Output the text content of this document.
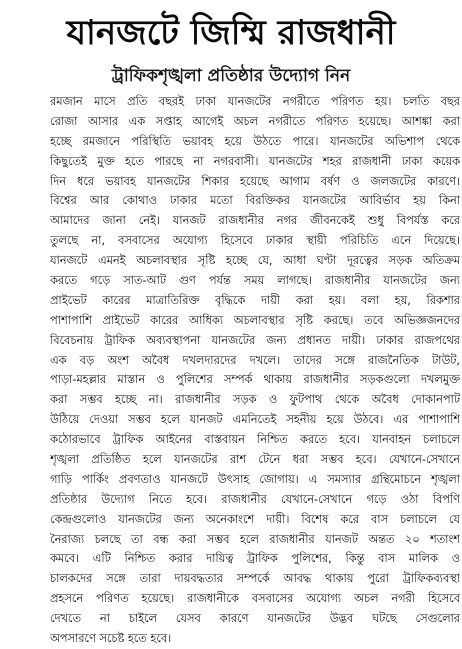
যানজটে জিম্মি রাজধানী
ট্রাফিকশৃঙ্খলা প্রতিষ্ঠার উদ্যোগ নিন
রমজান মাসে প্রতি বছরই ঢাকা যানজটের নগরীতে পরিণত হয়। চলতি বছর
রোজা আসার এক সপ্তাহ আগেই অচল নগরীতে পরিণত হয়েছে। আশঙ্কা করা
হচ্ছে রমজানে পরিস্থিতি ভয়াবহ হয়ে উঠতে পারে। যানজটের অভিশাপ থেকে
কিছুতেই মুক্ত হতে পারছে না নগরবাসী। যানজটের শহর রাজধানী ঢাকা কয়েক
দিন ধরে ভয়াবহ যানজটের শিকার হয়েছে আগাম বর্ষণ ও জলজটের কারণে।
বিশ্বের আর কোথাও ঢাকার মতো বিরক্তিকর যানজটের আবির্ভাব হয় কিনা
আমাদের জানা নেই। যানজট রাজধানীর নগর জীবনকেই শুধু বিপর্যস্ত করে
তুলছে না, বসবাসের অযোগ্য হিসেবে ঢাকার স্থায়ী পরিচিতি এনে দিয়েছে।
যানজটে এমনই অচলাবস্থার সৃষ্টি হচ্ছে যে, আধা ঘণ্টা দূরত্বের সড়ক অতিক্রম
করতে গড়ে সাত-আট গুণ পর্যন্ত সময় লাগছে। রাজধানীর যানজটের জন্য
প্রাইভেট কারের মাত্রাতিরিক্ত বৃদ্ধিকে দায়ী করা হয়। বলা হয়, রিকশার
পাশাপাশি প্রাইভেট কারের আধিক্য অচলাবস্থার সৃষ্টি করছে। তবে অভিজ্ঞজনদের
বিবেচনায় ট্রাফিক অব্যবস্থাপনা যানজটের জন্য প্রধানত দায়ী। ঢাকার রাজপথের
এক বড় অংশ অবৈধ দখলদারদের দখলে। তাদের সঙ্গে রাজনৈতিক টাউট,
পাড়া-মহল্লার মাস্তান ও পুলিশের সম্পর্ক থাকায় রাজধানীর সড়কগুলো দখলমুক্ত
করা সম্ভব হচ্ছে না। রাজধানীর সড়ক ও ফুটপাথ থেকে অবৈধ দোকানপাট
উঠিয়ে দেওয়া সম্ভব হলে যানজট এমনিতেই সহনীয় হয়ে উঠবে। এর পাশাপাশি
কঠোরভাবে ট্রাফিক আইনের বাস্তবায়ন নিশ্চিত করতে হবে। যানবাহন চলাচলে
শৃঙ্খলা প্রতিষ্ঠিত হলে যানজটের রাশ টেনে ধরা সম্ভব হবে। যেখানে-সেখানে
গাড়ি পার্কিং প্রবণতাও যানজটে উৎসাহ জোগায়। এ সমস্যার গ্রন্থিমোচনে শৃঙ্খলা
প্রতিষ্ঠার উদ্যোগ নিতে হবে। রাজধানীর যেখানে-সেখানে গড়ে ওঠা বিপণি
কেন্দ্রগুলোও যানজটের জন্য অনেকাংশে দায়ী। বিশেষ করে বাস চলাচলে যে
নৈরাজ্য চলছে তা বন্ধ করা সম্ভব হলে রাজধানীর যানজট অন্তত ২০ শতাংশ
কমবে। এটি নিশ্চিত করার দায়িত্ব ট্রাফিক পুলিশের, কিন্তু বাস মালিক ও
চালকদের সঙ্গে তারা দায়বদ্ধতার সম্পর্কে আবদ্ধ থাকায় পুরো ট্রাফিকব্যবস্থা
প্রহসনে পরিণত হয়েছে। রাজধানীকে বসবাসের অযোগ্য অচল নগরী হিসেবে
দেখতে না চাইলে যেসব কারণে যানজটের উদ্ভব ঘটছে সেগুলোর
অপসারণে সচেষ্ট হতে হবে।
